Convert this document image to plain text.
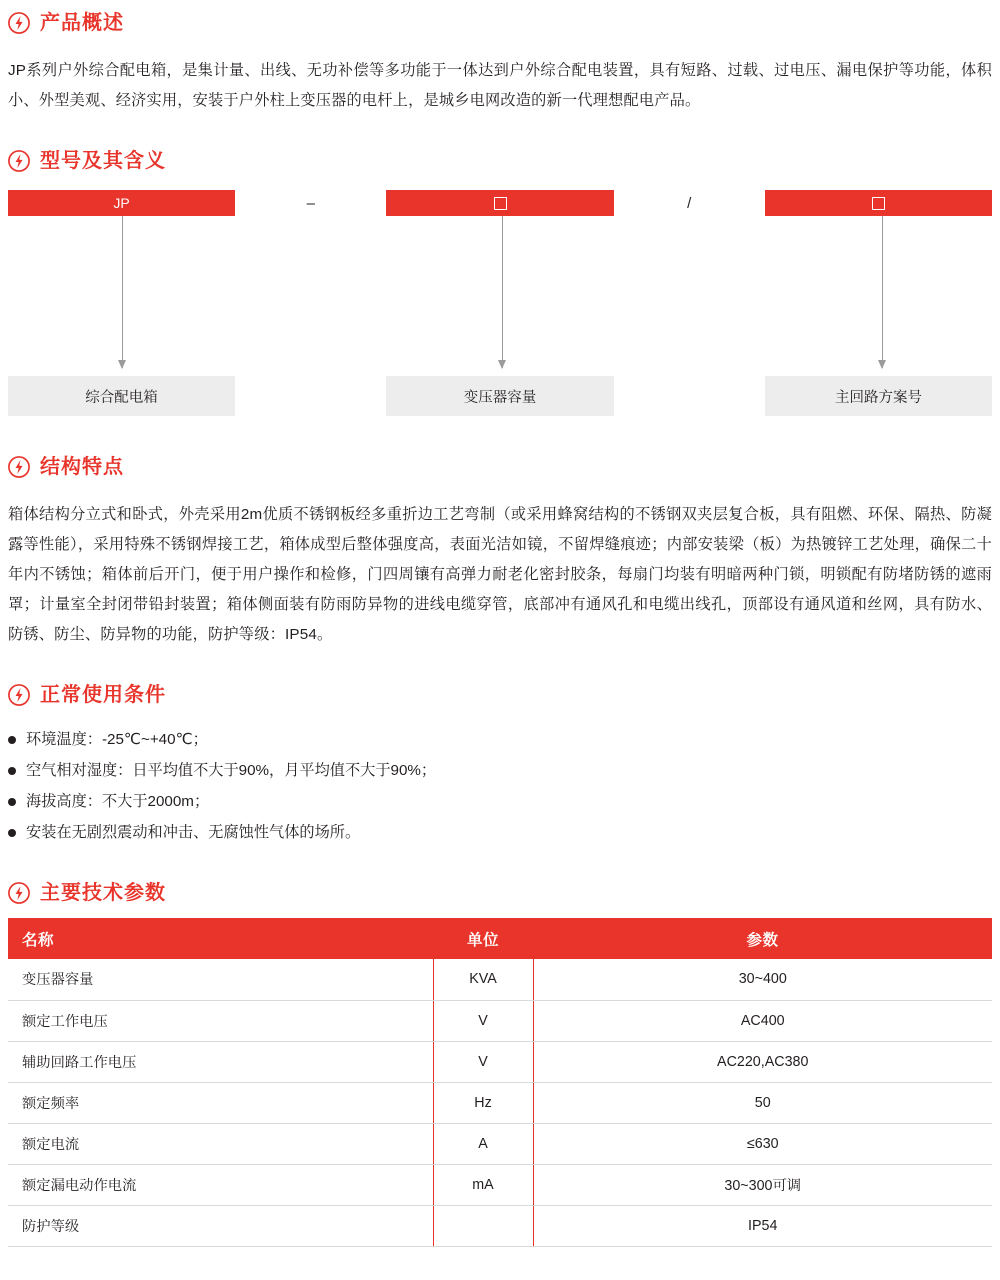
产品概述
JP系列户外综合配电箱，是集计量、出线、无功补偿等多功能于一体达到户外综合配电装置，具有短路、过载、过电压、漏电保护等功能，体积小、外型美观、经济实用，安装于户外柱上变压器的电杆上，是城乡电网改造的新一代理想配电产品。
型号及其含义
JP	–	/
综合配电箱	变压器容量	主回路方案号
结构特点
箱体结构分立式和卧式，外壳采用2m优质不锈钢板经多重折边工艺弯制（或采用蜂窝结构的不锈钢双夹层复合板，具有阻燃、环保、隔热、防凝露等性能），采用特殊不锈钢焊接工艺，箱体成型后整体强度高，表面光洁如镜，不留焊缝痕迹；内部安装梁（板）为热镀锌工艺处理，确保二十年内不锈蚀；箱体前后开门，便于用户操作和检修，门四周镶有高弹力耐老化密封胶条，每扇门均装有明暗两种门锁，明锁配有防堵防锈的遮雨罩；计量室全封闭带铅封装置；箱体侧面装有防雨防异物的进线电缆穿管，底部冲有通风孔和电缆出线孔，顶部设有通风道和丝网，具有防水、防锈、防尘、防异物的功能，防护等级：IP54。
正常使用条件
环境温度：-25℃~+40℃；
空气相对湿度：日平均值不大于90%，月平均值不大于90%；
海拔高度：不大于2000m；
安装在无剧烈震动和冲击、无腐蚀性气体的场所。
主要技术参数
名称	单位	参数
变压器容量	KVA	30~400
额定工作电压	V	AC400
辅助回路工作电压	V	AC220,AC380
额定频率	Hz	50
额定电流	A	≤630
额定漏电动作电流	mA	30~300可调
防护等级		IP54
